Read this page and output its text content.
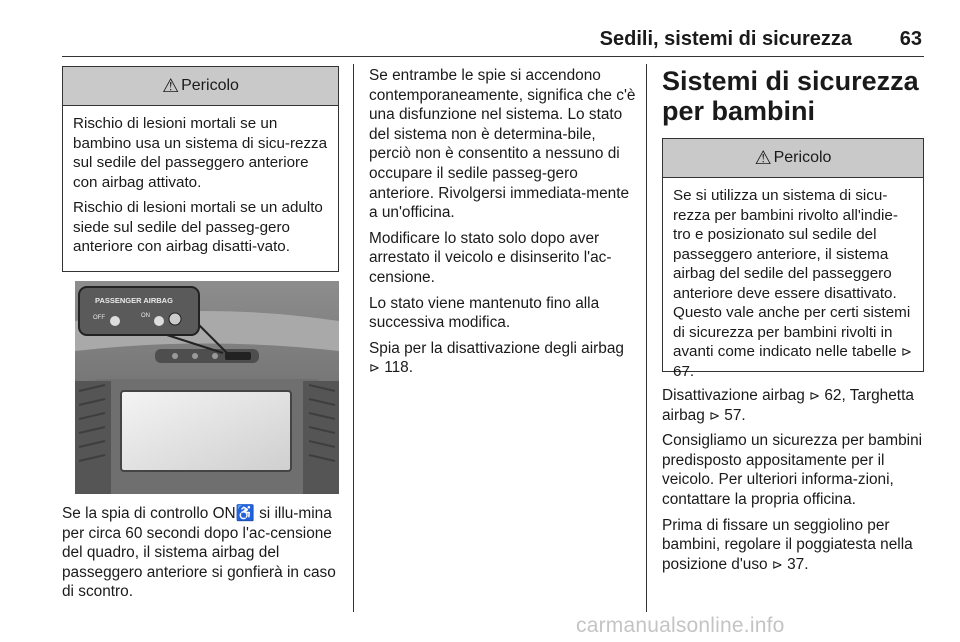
Sedili, sistemi di sicurezza 63
⚠ Pericolo

Rischio di lesioni mortali se un bambino usa un sistema di sicu-rezza sul sedile del passeggero anteriore con airbag attivato.

Rischio di lesioni mortali se un adulto siede sul sedile del passeg-gero anteriore con airbag disatti-vato.

PASSENGER AIRBAG
OFF	ON

Se la spia di controllo ON♿ si illu-mina per circa 60 secondi dopo l'ac-censione del quadro, il sistema airbag del passeggero anteriore si gonfierà in caso di scontro.

Se entrambe le spie si accendono contemporaneamente, significa che c'è una disfunzione nel sistema. Lo stato del sistema non è determina-bile, perciò non è consentito a nessuno di occupare il sedile passeg-gero anteriore. Rivolgersi immediata-mente a un'officina.

Modificare lo stato solo dopo aver arrestato il veicolo e disinserito l'ac-censione.

Lo stato viene mantenuto fino alla successiva modifica.

Spia per la disattivazione degli airbag ⊳ 118.

Sistemi di sicurezza per bambini
⚠ Pericolo

Se si utilizza un sistema di sicu-rezza per bambini rivolto all'indie-tro e posizionato sul sedile del passeggero anteriore, il sistema airbag del sedile del passeggero anteriore deve essere disattivato. Questo vale anche per certi sistemi di sicurezza per bambini rivolti in avanti come indicato nelle tabelle ⊳ 67.

Disattivazione airbag ⊳ 62, Targhetta airbag ⊳ 57.

Consigliamo un sicurezza per bambini predisposto appositamente per il veicolo. Per ulteriori informa-zioni, contattare la propria officina.

Prima di fissare un seggiolino per bambini, regolare il poggiatesta nella posizione d'uso ⊳ 37.

carmanualsonline.info
